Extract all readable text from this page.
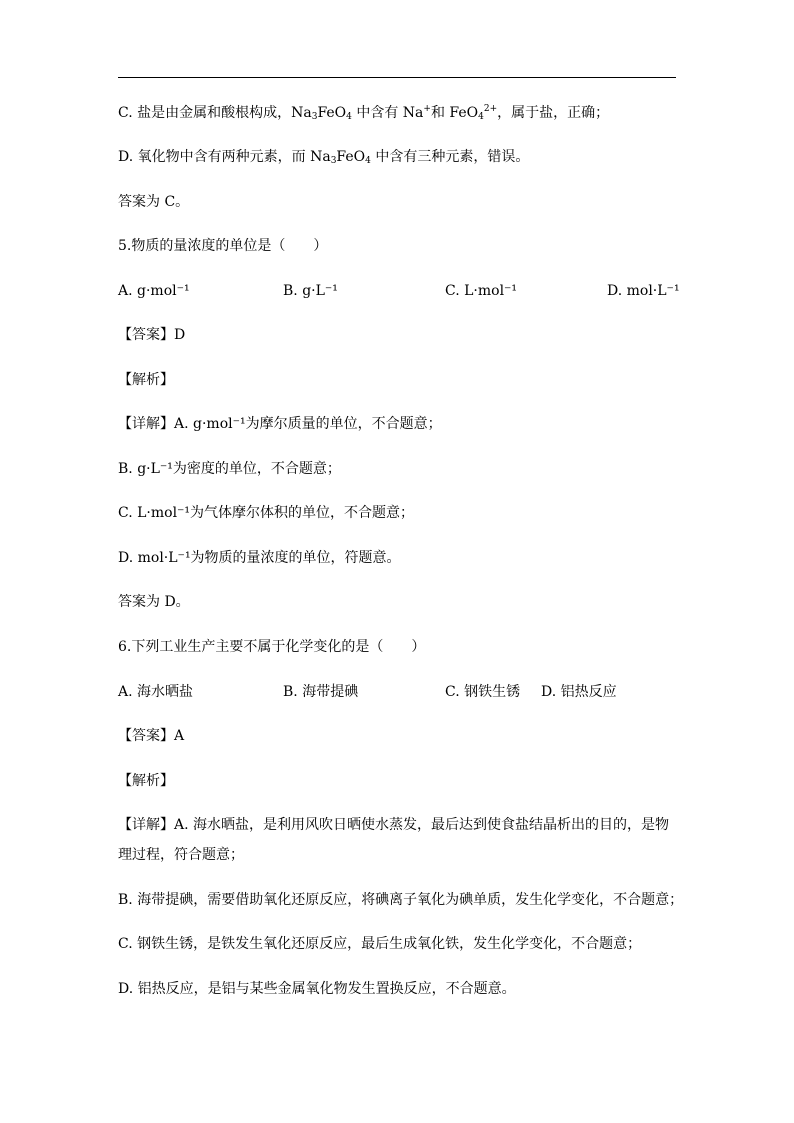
C. 盐是由金属和酸根构成，$Na_3FeO_4$ 中含有 Na+和 FeO$_4^{2+}$，属于盐，正确；
D. 氧化物中含有两种元素，而 $Na_3FeO_4$ 中含有三种元素，错误。
答案为 C。
5.物质的量浓度的单位是（　　）
A. g·mol⁻¹	B. g·L⁻¹	C. L·mol⁻¹	D. mol·L⁻¹
【答案】D
【解析】
【详解】A. g·mol⁻¹为摩尔质量的单位，不合题意；
B. g·L⁻¹为密度的单位，不合题意；
C. L·mol⁻¹为气体摩尔体积的单位，不合题意；
D. mol·L⁻¹为物质的量浓度的单位，符题意。
答案为 D。
6.下列工业生产主要不属于化学变化的是（　　）
A. 海水晒盐	B. 海带提碘	C. 钢铁生锈 D. 铝热反应
【答案】A
【解析】
【详解】A. 海水晒盐，是利用风吹日晒使水蒸发，最后达到使食盐结晶析出的目的，是物
理过程，符合题意；
B. 海带提碘，需要借助氧化还原反应，将碘离子氧化为碘单质，发生化学变化，不合题意；
C. 钢铁生锈，是铁发生氧化还原反应，最后生成氧化铁，发生化学变化，不合题意；
D. 铝热反应，是铝与某些金属氧化物发生置换反应，不合题意。
